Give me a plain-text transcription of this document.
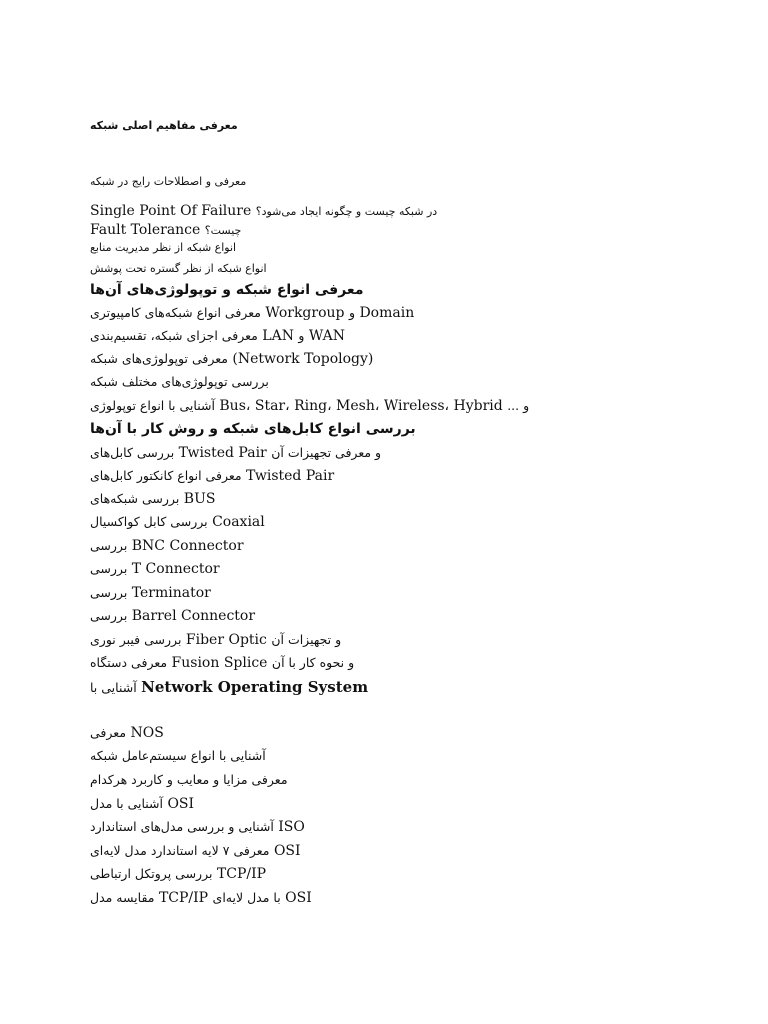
معرفی مفاهیم اصلی شبکه
معرفی و اصطلاحات رایج در شبکه
Single Point Of Failure در شبکه چیست و چگونه ایجاد می‌شود؟
Fault Tolerance چیست؟
انواع شبکه از نظر مدیریت منابع
انواع شبکه از نظر گستره تحت پوشش
معرفی انواع شبکه و توپولوژی‌های آن‌ها
معرفی انواع شبکه‌های کامپیوتری Workgroup و Domain
معرفی اجزای شبکه، تقسیم‌بندی LAN و WAN
معرفی توپولوژی‌های شبکه (Network Topology)
بررسی توپولوژی‌های مختلف شبکه
آشنایی با انواع توپولوژی Bus، Star، Ring، Mesh، Wireless، Hybrid و ...
بررسی انواع کابل‌های شبکه و روش کار با آن‌ها
بررسی کابل‌های Twisted Pair و معرفی تجهیزات آن
معرفی انواع کانکتور کابل‌های Twisted Pair
بررسی شبکه‌های BUS
بررسی کابل کواکسیال Coaxial
بررسی BNC Connector
بررسی T Connector
بررسی Terminator
بررسی Barrel Connector
بررسی فیبر نوری Fiber Optic و تجهیزات آن
معرفی دستگاه Fusion Splice و نحوه کار با آن
آشنایی با Network Operating System
معرفی NOS
آشنایی با انواع سیستم‌عامل شبکه
معرفی مزایا و معایب و کاربرد هرکدام
آشنایی با مدل OSI
آشنایی و بررسی مدل‌های استاندارد ISO
معرفی ۷ لایه استاندارد مدل لایه‌ای OSI
بررسی پروتکل ارتباطی TCP/IP
مقایسه مدل TCP/IP با مدل لایه‌ای OSI
